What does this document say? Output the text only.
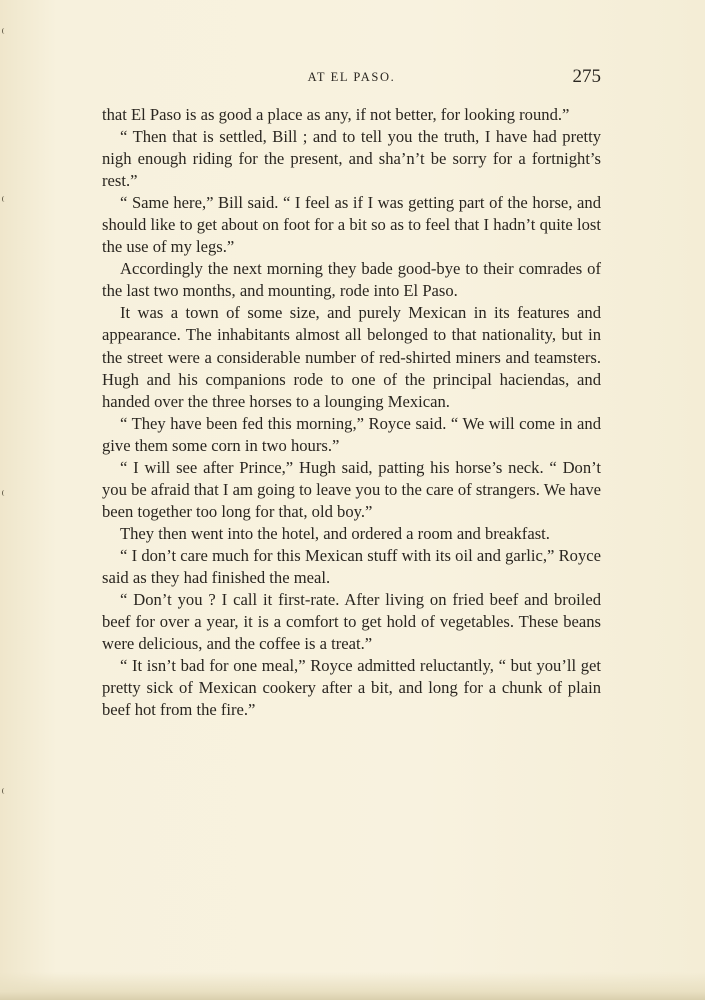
AT EL PASO.	275

that El Paso is as good a place as any, if not better, for looking round.”

“ Then that is settled, Bill ; and to tell you the truth, I have had pretty nigh enough riding for the present, and sha’n’t be sorry for a fortnight’s rest.”

“ Same here,” Bill said. “ I feel as if I was getting part of the horse, and should like to get about on foot for a bit so as to feel that I hadn’t quite lost the use of my legs.”

Accordingly the next morning they bade good-bye to their comrades of the last two months, and mounting, rode into El Paso.

It was a town of some size, and purely Mexican in its features and appearance. The inhabitants almost all belonged to that nationality, but in the street were a considerable number of red-shirted miners and teamsters. Hugh and his companions rode to one of the principal haciendas, and handed over the three horses to a lounging Mexican.

“ They have been fed this morning,” Royce said. “ We will come in and give them some corn in two hours.”

“ I will see after Prince,” Hugh said, patting his horse’s neck. “ Don’t you be afraid that I am going to leave you to the care of strangers. We have been together too long for that, old boy.”

They then went into the hotel, and ordered a room and breakfast.

“ I don’t care much for this Mexican stuff with its oil and garlic,” Royce said as they had finished the meal.

“ Don’t you ? I call it first-rate. After living on fried beef and broiled beef for over a year, it is a comfort to get hold of vegetables. These beans were delicious, and the coffee is a treat.”

“ It isn’t bad for one meal,” Royce admitted reluctantly, “ but you’ll get pretty sick of Mexican cookery after a bit, and long for a chunk of plain beef hot from the fire.”
